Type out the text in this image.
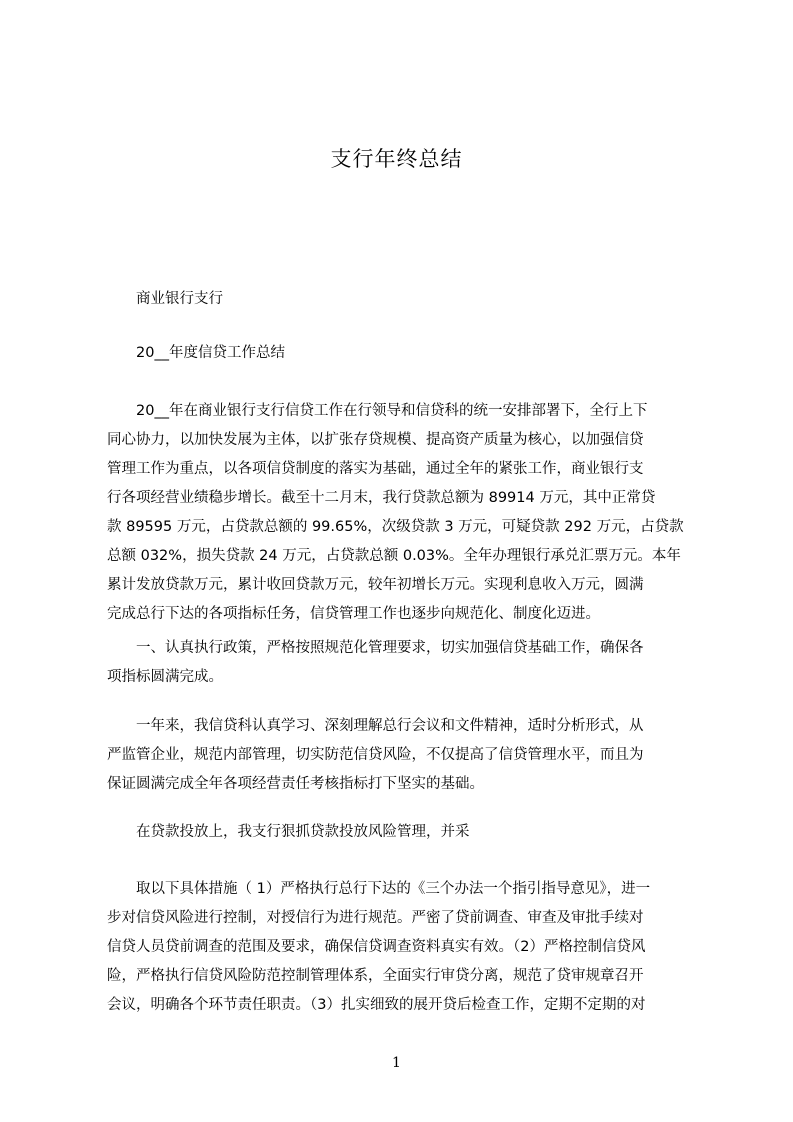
支行年终总结
商业银行支行
20__年度信贷工作总结
　　20__年在商业银行支行信贷工作在行领导和信贷科的统一安排部署下，全行上下
同心协力，以加快发展为主体，以扩张存贷规模、提高资产质量为核心，以加强信贷
管理工作为重点，以各项信贷制度的落实为基础，通过全年的紧张工作，商业银行支
行各项经营业绩稳步增长。截至十二月末，我行贷款总额为 89914 万元，其中正常贷
款 89595 万元，占贷款总额的 99.65%，次级贷款 3 万元，可疑贷款 292 万元，占贷款
总额 032%，损失贷款 24 万元，占贷款总额 0.03%。全年办理银行承兑汇票万元。本年
累计发放贷款万元，累计收回贷款万元，较年初增长万元。实现利息收入万元，圆满
完成总行下达的各项指标任务，信贷管理工作也逐步向规范化、制度化迈进。
　　一、认真执行政策，严格按照规范化管理要求，切实加强信贷基础工作，确保各
项指标圆满完成。
　　一年来，我信贷科认真学习、深刻理解总行会议和文件精神，适时分析形式，从
严监管企业，规范内部管理，切实防范信贷风险，不仅提高了信贷管理水平，而且为
保证圆满完成全年各项经营责任考核指标打下坚实的基础。
　　在贷款投放上，我支行狠抓贷款投放风险管理，并采
　　取以下具体措施（ 1）严格执行总行下达的《三个办法一个指引指导意见》，进一
步对信贷风险进行控制，对授信行为进行规范。严密了贷前调查、审查及审批手续对
信贷人员贷前调查的范围及要求，确保信贷调查资料真实有效。（2）严格控制信贷风
险，严格执行信贷风险防范控制管理体系，全面实行审贷分离，规范了贷审规章召开
会议，明确各个环节责任职责。（3）扎实细致的展开贷后检查工作，定期不定期的对
1
